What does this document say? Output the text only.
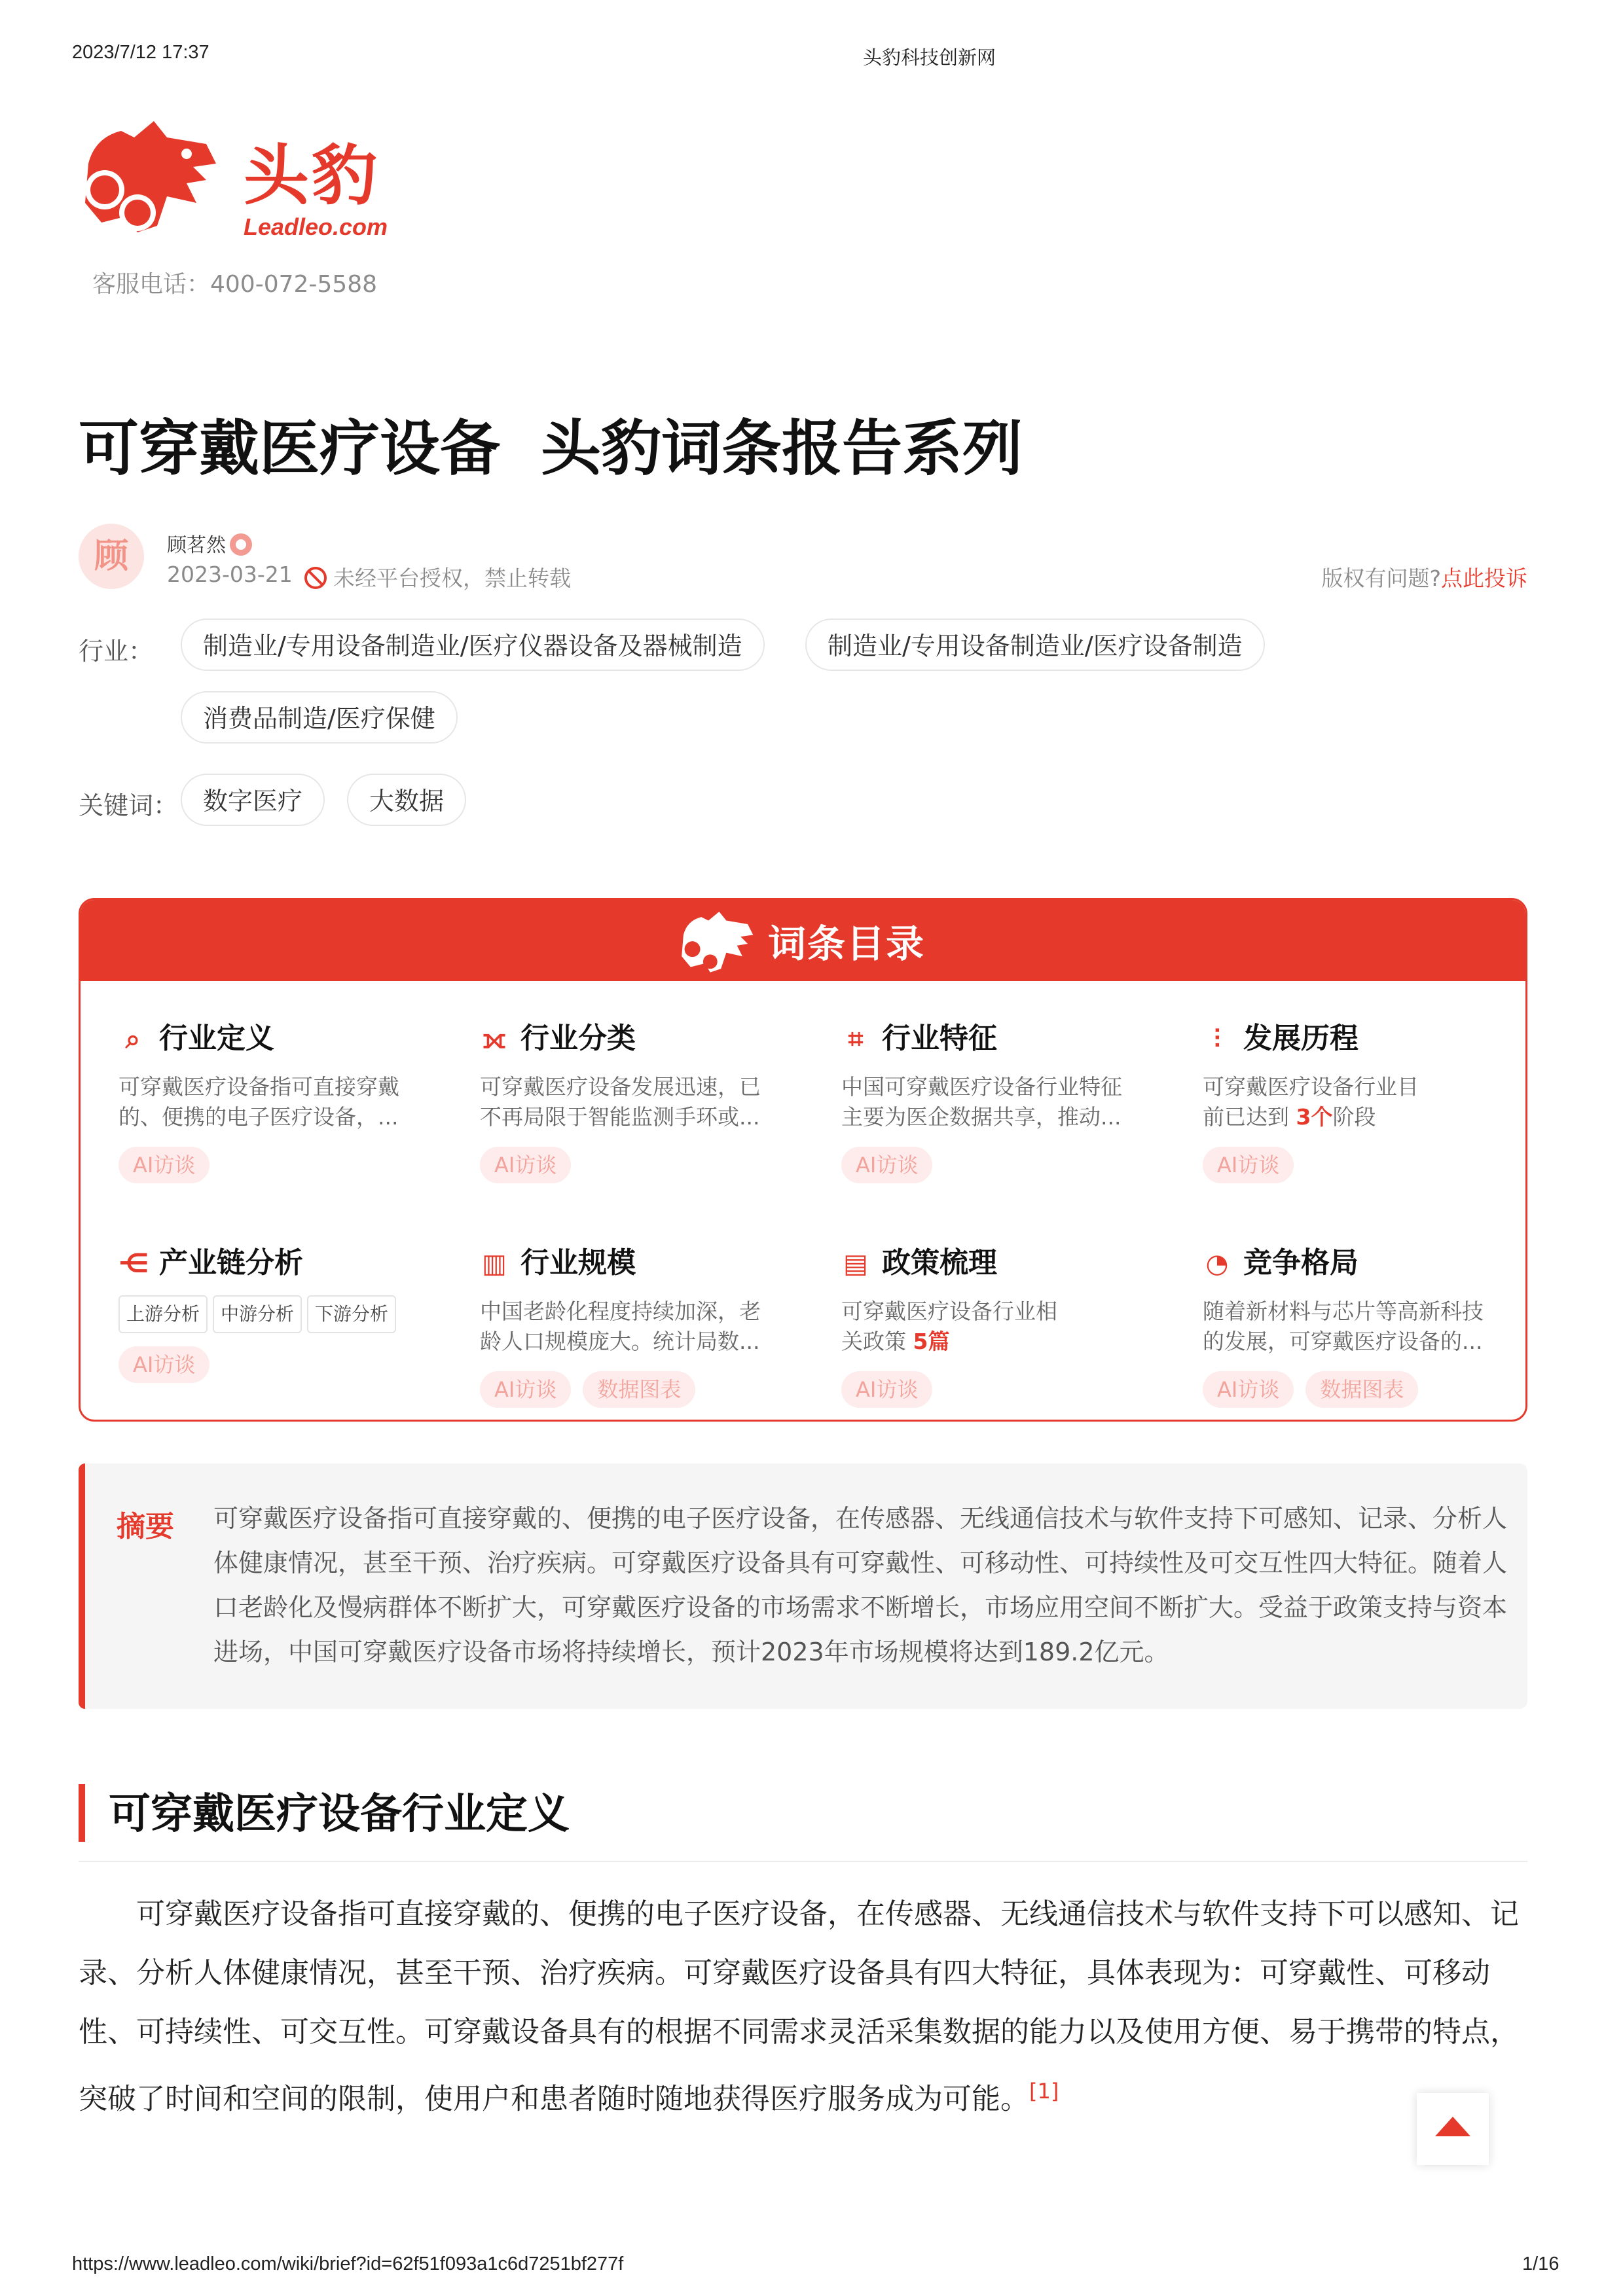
2023/7/12 17:37	头豹科技创新网
头豹
Leadleo.com
客服电话：400-072-5588
可穿戴医疗设备 头豹词条报告系列
顾	顾茗然
2023-03-21	未经平台授权，禁止转载	版权有问题?点此投诉
行业：	制造业/专用设备制造业/医疗仪器设备及器械制造	制造业/专用设备制造业/医疗设备制造
消费品制造/医疗保健
关键词： 数字医疗	大数据
词条目录
⌕ 行业定义
可穿戴医疗设备指可直接穿戴的、便携的电子医疗设备，...
AI访谈
⟗ 行业分类
可穿戴医疗设备发展迅速，已不再局限于智能监测手环或...
AI访谈
⌗ 行业特征
中国可穿戴医疗设备行业特征主要为医企数据共享，推动...
AI访谈
⫶ 发展历程
可穿戴医疗设备行业目前已达到 3个阶段
AI访谈
⋲ 产业链分析
上游分析 中游分析 下游分析
AI访谈
▥ 行业规模
中国老龄化程度持续加深，老龄人口规模庞大。统计局数...
AI访谈 数据图表
▤ 政策梳理
可穿戴医疗设备行业相关政策 5篇
AI访谈
◔ 竞争格局
随着新材料与芯片等高新科技的发展，可穿戴医疗设备的...
AI访谈 数据图表
摘要 可穿戴医疗设备指可直接穿戴的、便携的电子医疗设备，在传感器、无线通信技术与软件支持下可感知、记录、分析人体健康情况，甚至干预、治疗疾病。可穿戴医疗设备具有可穿戴性、可移动性、可持续性及可交互性四大特征。随着人口老龄化及慢病群体不断扩大，可穿戴医疗设备的市场需求不断增长，市场应用空间不断扩大。受益于政策支持与资本进场，中国可穿戴医疗设备市场将持续增长，预计2023年市场规模将达到189.2亿元。
可穿戴医疗设备行业定义
可穿戴医疗设备指可直接穿戴的、便携的电子医疗设备，在传感器、无线通信技术与软件支持下可以感知、记录、分析人体健康情况，甚至干预、治疗疾病。可穿戴医疗设备具有四大特征，具体表现为：可穿戴性、可移动性、可持续性、可交互性。可穿戴设备具有的根据不同需求灵活采集数据的能力以及使用方便、易于携带的特点，突破了时间和空间的限制，使用户和患者随时随地获得医疗服务成为可能。[1]
https://www.leadleo.com/wiki/brief?id=62f51f093a1c6d7251bf277f	1/16
